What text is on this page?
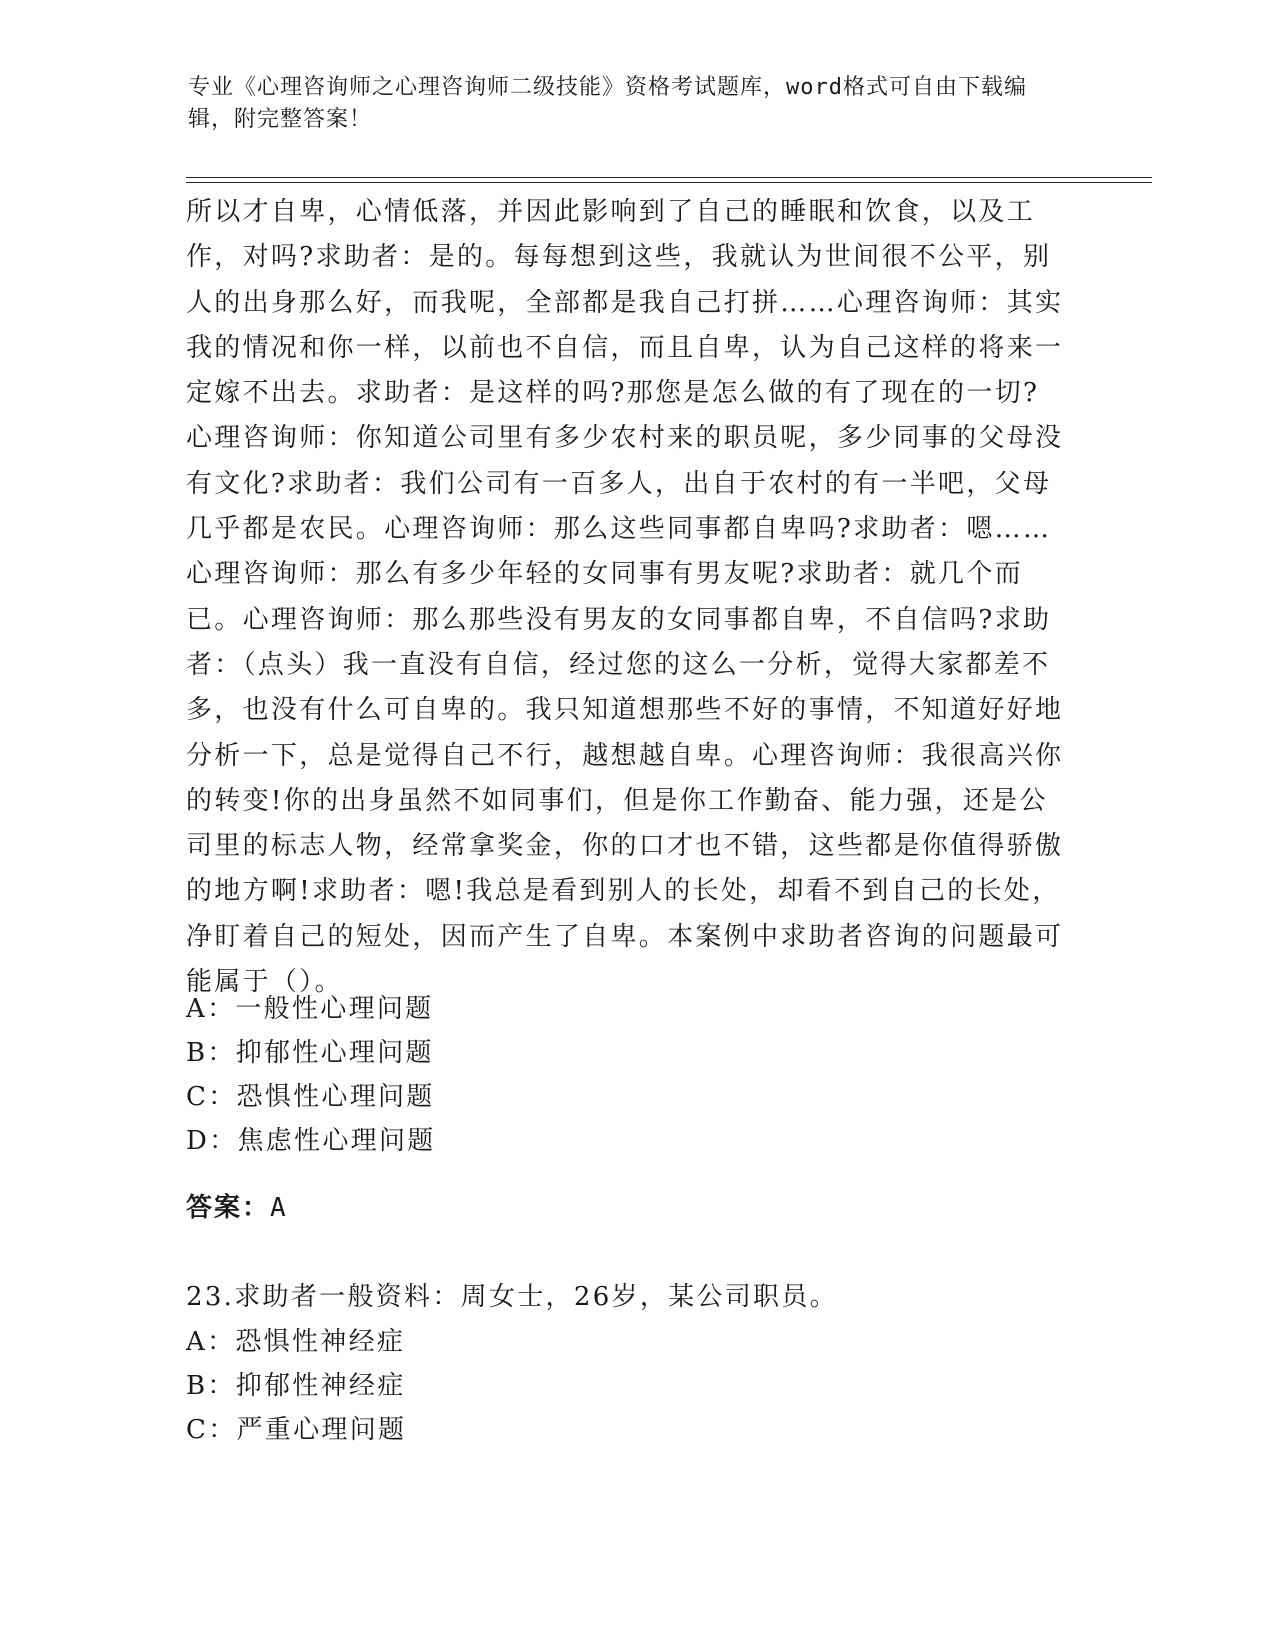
专业《心理咨询师之心理咨询师二级技能》资格考试题库，word格式可自由下载编辑，附完整答案！
所以才自卑，心情低落，并因此影响到了自己的睡眠和饮食，以及工作，对吗?求助者：是的。每每想到这些，我就认为世间很不公平，别人的出身那么好，而我呢，全部都是我自己打拼……心理咨询师：其实我的情况和你一样，以前也不自信，而且自卑，认为自己这样的将来一定嫁不出去。求助者：是这样的吗?那您是怎么做的有了现在的一切?心理咨询师：你知道公司里有多少农村来的职员呢，多少同事的父母没有文化?求助者：我们公司有一百多人，出自于农村的有一半吧，父母几乎都是农民。心理咨询师：那么这些同事都自卑吗?求助者：嗯……心理咨询师：那么有多少年轻的女同事有男友呢?求助者：就几个而已。心理咨询师：那么那些没有男友的女同事都自卑，不自信吗?求助者：（点头）我一直没有自信，经过您的这么一分析，觉得大家都差不多，也没有什么可自卑的。我只知道想那些不好的事情，不知道好好地分析一下，总是觉得自己不行，越想越自卑。心理咨询师：我很高兴你的转变!你的出身虽然不如同事们，但是你工作勤奋、能力强，还是公司里的标志人物，经常拿奖金，你的口才也不错，这些都是你值得骄傲的地方啊!求助者：嗯!我总是看到别人的长处，却看不到自己的长处，净盯着自己的短处，因而产生了自卑。本案例中求助者咨询的问题最可能属于（）。
A：一般性心理问题
B：抑郁性心理问题
C：恐惧性心理问题
D：焦虑性心理问题
答案：A
23.求助者一般资料：周女士，26岁，某公司职员。
A：恐惧性神经症
B：抑郁性神经症
C：严重心理问题
